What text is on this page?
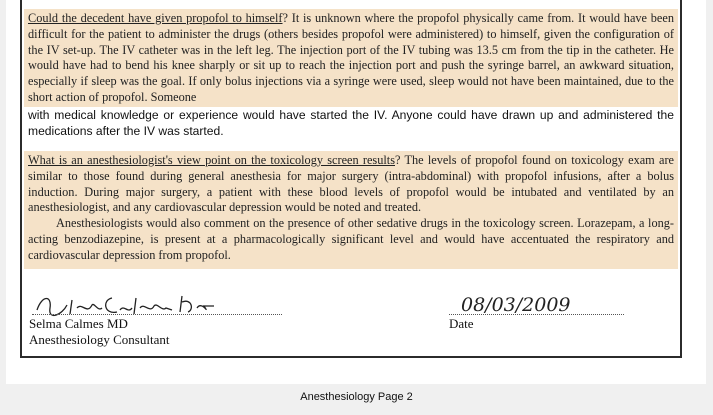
Could the decedent have given propofol to himself? It is unknown where the propofol physically came from. It would have been difficult for the patient to administer the drugs (others besides propofol were administered) to himself, given the configuration of the IV set-up. The IV catheter was in the left leg. The injection port of the IV tubing was 13.5 cm from the tip in the catheter. He would have had to bend his knee sharply or sit up to reach the injection port and push the syringe barrel, an awkward situation, especially if sleep was the goal. If only bolus injections via a syringe were used, sleep would not have been maintained, due to the short action of propofol. Someone
with medical knowledge or experience would have started the IV. Anyone could have drawn up and administered the medications after the IV was started.
What is an anesthesiologist's view point on the toxicology screen results? The levels of propofol found on toxicology exam are similar to those found during general anesthesia for major surgery (intra-abdominal) with propofol infusions, after a bolus induction. During major surgery, a patient with these blood levels of propofol would be intubated and ventilated by an anesthesiologist, and any cardiovascular depression would be noted and treated.
Anesthesiologists would also comment on the presence of other sedative drugs in the toxicology screen. Lorazepam, a long-acting benzodiazepine, is present at a pharmacologically significant level and would have accentuated the respiratory and cardiovascular depression from propofol.
Selma Calmes MD
Anesthesiology Consultant
08/03/2009
Date
Anesthesiology Page 2
